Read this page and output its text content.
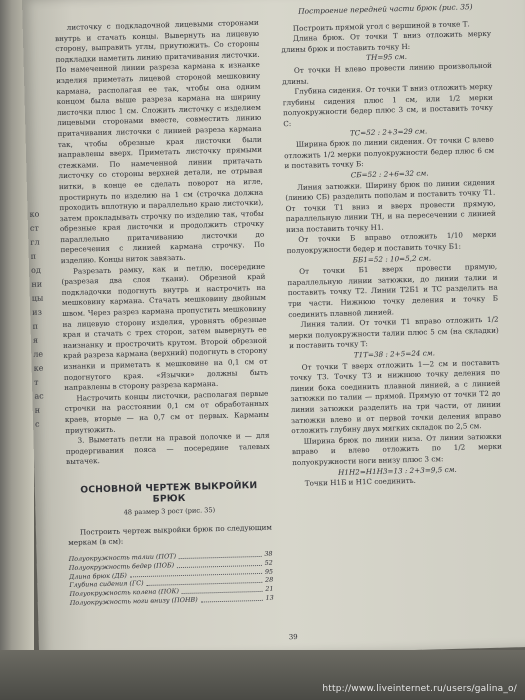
ко
ст
гл
п
од
ни
цы
из
п
я
ле
ке
т
ас
н
с

листочку с подкладочной лицевыми сторонами внутрь и стачать концы. Вывернуть на лицевую сторону, выправить углы, приутюжить. Со стороны подкладки наметить линию притачивания листочки. По намеченной линии разреза кармана к изнанке изделия приметать лицевой стороной мешковину кармана, располагая ее так, чтобы она одним концом была выше разреза кармана на ширину листочки плюс 1 см. Сложить листочку с изделием лицевыми сторонами вместе, совместить линию притачивания листочки с линией разреза кармана так, чтобы обрезные края листочки были направлены вверх. Приметать листочку прямыми стежками. По намеченной линии притачать листочку со стороны верхней детали, не отрывая нитки, в конце ее сделать поворот на игле, простирнуть по изделию на 1 см (строчка должна проходить вплотную и параллельно краю листочки), затем прокладывать строчку по изделию так, чтобы обрезные края листочки и продолжить строчку параллельно притачиванию листочки до пересечения с линией кармана строчку. По изделию. Концы ниток завязать.

Разрезать рамку, как и петлю, посередине (разрезая два слоя ткани). Обрезной край подкладочки подогнуть внутрь и настрочить на мешковину кармана. Стачать мешковину двойным швом. Через разрез кармана пропустить мешковину на лицевую сторону изделия, уровнять обрезные края и стачать с трех сторон, затем вывернуть ее наизнанку и прострочить крутом. Второй обрезной край разреза кармана (верхний) подогнуть в сторону изнанки и приметать к мешковине на 0,1 см от подогнутого края. «Язычки» должны быть направлены в сторону разреза кармана.

Настрочить концы листочки, располагая первые строчки на расстоянии 0,1 см от обработанных краев, вторые — на 0,7 см от первых. Карманы приутюжить.

3. Выметать петли на правой полочке и — для продергивания пояса — посередине талевых вытачек.

ОСНОВНОЙ ЧЕРТЕЖ ВЫКРОЙКИ БРЮК
48 размер 3 рост (рис. 35)

Построить чертеж выкройки брюк по следующим меркам (в см):

Полуокружность талии (ПОТ)	38
Полуокружность бедер (ПОБ)	52
Длина брюк (ДБ)	95
Глубина сидения (ГС)	28
Полуокружность колена (ПОК)	21
Полуокружность ноги внизу (ПОНВ)	13
Построение передней части брюк (рис. 35)

Построить прямой угол с вершиной в точке Т.

Длина брюк. От точки Т вниз отложить мерку длины брюк и поставить точку Н:

ТН=95 см.

От точки Н влево провести линию произвольной длины.

Глубина сидения. От точки Т вниз отложить мерку глубины сидения плюс 1 см, или 1/2 мерки полуокружности бедер плюс 3 см, и поставить точку С:

ТС=52 : 2+3=29 см.

Ширина брюк по линии сидения. От точки С влево отложить 1/2 мерки полуокружности бедер плюс 6 см и поставить точку Б:

СБ=52 : 2+6=32 см.

Линия затюжки. Ширину брюк по линии сидения (линию СБ) разделить пополам и поставить точку Т1. От точки Т1 вниз и вверх провести прямую, параллельную линии ТН, и на пересечении с линией низа поставить точку Н1.

От точки Б вправо отложить 1/10 мерки полуокружности бедер и поставить точку Б1:

ББ1=52 : 10=5,2 см.

От точки Б1 вверх провести прямую, параллельную линии затюжки, до линии талии и поставить точку Т2. Линии Т2Б1 и ТС разделить на три части. Нижнюю точку деления и точку Б соединить плавной линией.

Линия талии. От точки Т1 вправо отложить 1/2 мерки полуокружности талии плюс 5 см (на складки) и поставить точку Т:

Т1Т=38 : 2+5=24 см.

От точки Т вверх отложить 1—2 см и поставить точку Т3. Точку Т3 и нижнюю точку деления по линии бока соединить плавной линией, а с линией затюжки по талии — прямой. Прямую от точки Т2 до линии затюжки разделить на три части, от линии затюжки влево и от первой точки деления вправо отложить глубину двух мягких складок по 2,5 см.

Ширина брюк по линии низа. От линии затюжки вправо и влево отложить по 1/2 мерки полуокружности ноги внизу плюс 3 см:

Н1Н2=Н1Н3=13 : 2+3=9,5 см.

Точки Н1Б и Н1С соединить.

39
http://www.liveinternet.ru/users/galina_o/
